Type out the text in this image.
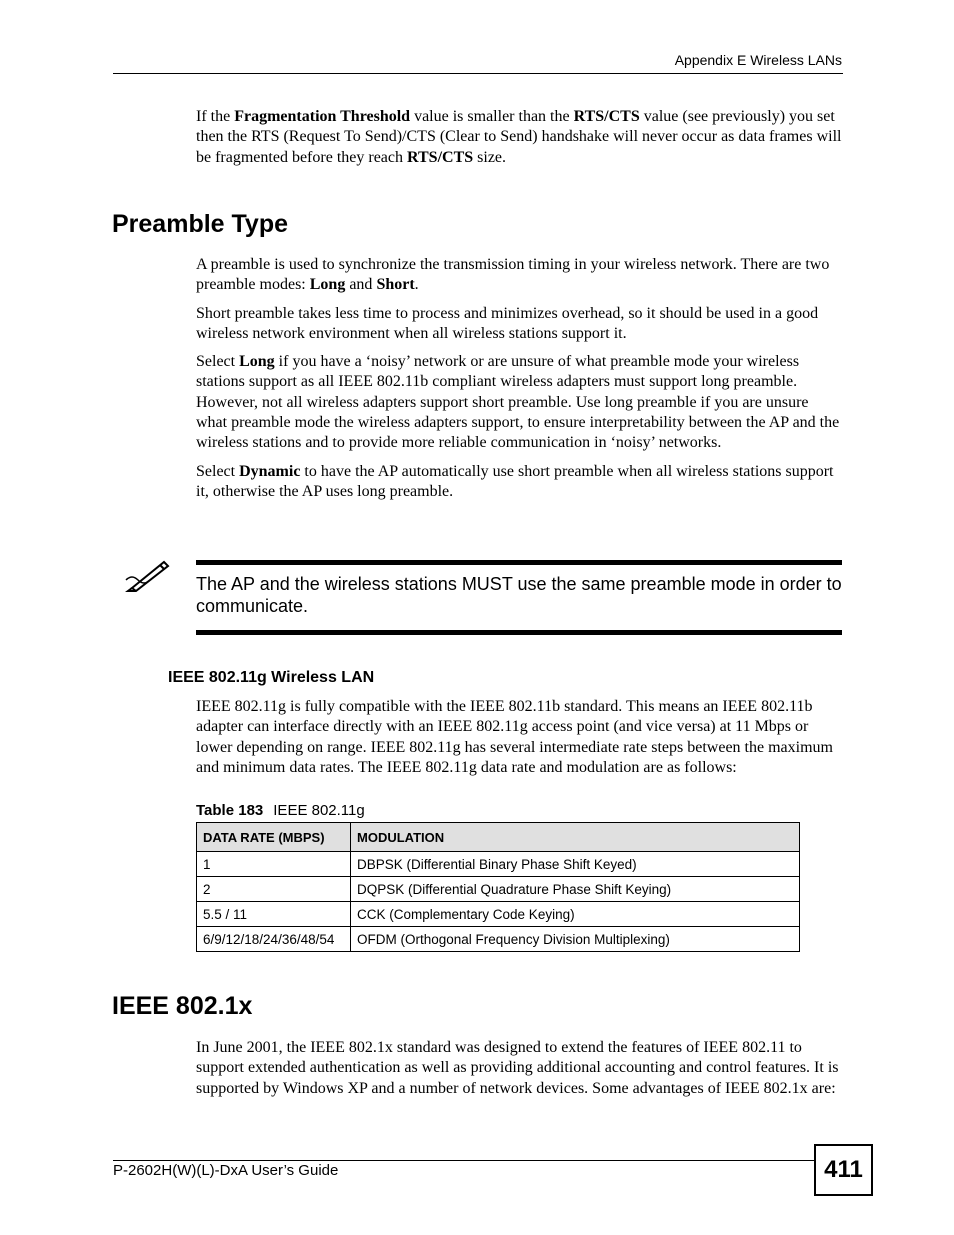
Appendix E Wireless LANs

If the Fragmentation Threshold value is smaller than the RTS/CTS value (see previously) you set then the RTS (Request To Send)/CTS (Clear to Send) handshake will never occur as data frames will be fragmented before they reach RTS/CTS size.

Preamble Type

A preamble is used to synchronize the transmission timing in your wireless network. There are two preamble modes: Long and Short.

Short preamble takes less time to process and minimizes overhead, so it should be used in a good wireless network environment when all wireless stations support it.

Select Long if you have a ‘noisy’ network or are unsure of what preamble mode your wireless stations support as all IEEE 802.11b compliant wireless adapters must support long preamble. However, not all wireless adapters support short preamble. Use long preamble if you are unsure what preamble mode the wireless adapters support, to ensure interpretability between the AP and the wireless stations and to provide more reliable communication in ‘noisy’ networks.

Select Dynamic to have the AP automatically use short preamble when all wireless stations support it, otherwise the AP uses long preamble.

The AP and the wireless stations MUST use the same preamble mode in order to communicate.
IEEE 802.11g Wireless LAN

IEEE 802.11g is fully compatible with the IEEE 802.11b standard. This means an IEEE 802.11b adapter can interface directly with an IEEE 802.11g access point (and vice versa) at 11 Mbps or lower depending on range. IEEE 802.11g has several intermediate rate steps between the maximum and minimum data rates. The IEEE 802.11g data rate and modulation are as follows:

Table 183 IEEE 802.11g
DATA RATE (MBPS)	MODULATION
1	DBPSK (Differential Binary Phase Shift Keyed)
2	DQPSK (Differential Quadrature Phase Shift Keying)
5.5 / 11	CCK (Complementary Code Keying)
6/9/12/18/24/36/48/54	OFDM (Orthogonal Frequency Division Multiplexing)
IEEE 802.1x

In June 2001, the IEEE 802.1x standard was designed to extend the features of IEEE 802.11 to support extended authentication as well as providing additional accounting and control features. It is supported by Windows XP and a number of network devices. Some advantages of IEEE 802.1x are:

P-2602H(W)(L)-DxA User’s Guide	411
